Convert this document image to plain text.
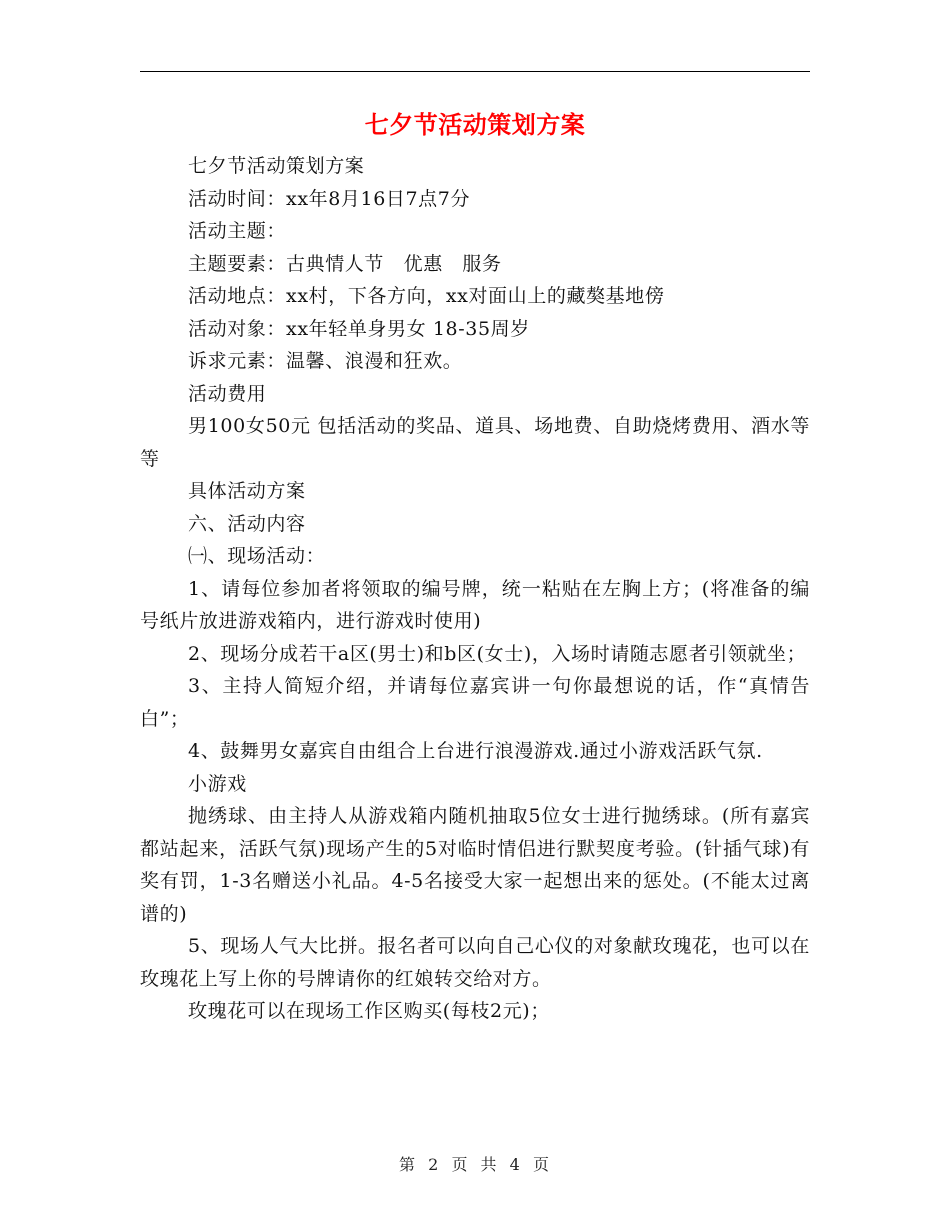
七夕节活动策划方案

七夕节活动策划方案

活动时间：xx年8月16日7点7分

活动主题：

主题要素：古典情人节　优惠　服务

活动地点：xx村，下各方向，xx对面山上的藏獒基地傍

活动对象：xx年轻单身男女 18-35周岁

诉求元素：温馨、浪漫和狂欢。

活动费用

男100女50元 包括活动的奖品、道具、场地费、自助烧烤费用、酒水等等

具体活动方案

六、活动内容

㈠、现场活动：

1、请每位参加者将领取的编号牌，统一粘贴在左胸上方；(将准备的编号纸片放进游戏箱内，进行游戏时使用)

2、现场分成若干a区(男士)和b区(女士)，入场时请随志愿者引领就坐；

3、主持人简短介绍，并请每位嘉宾讲一句你最想说的话，作“真情告白”；

4、鼓舞男女嘉宾自由组合上台进行浪漫游戏.通过小游戏活跃气氛.

小游戏

抛绣球、由主持人从游戏箱内随机抽取5位女士进行抛绣球。(所有嘉宾都站起来，活跃气氛)现场产生的5对临时情侣进行默契度考验。(针插气球)有奖有罚，1-3名赠送小礼品。4-5名接受大家一起想出来的惩处。(不能太过离谱的)

5、现场人气大比拼。报名者可以向自己心仪的对象献玫瑰花，也可以在玫瑰花上写上你的号牌请你的红娘转交给对方。

玫瑰花可以在现场工作区购买(每枝2元)；

第 2 页 共 4 页
